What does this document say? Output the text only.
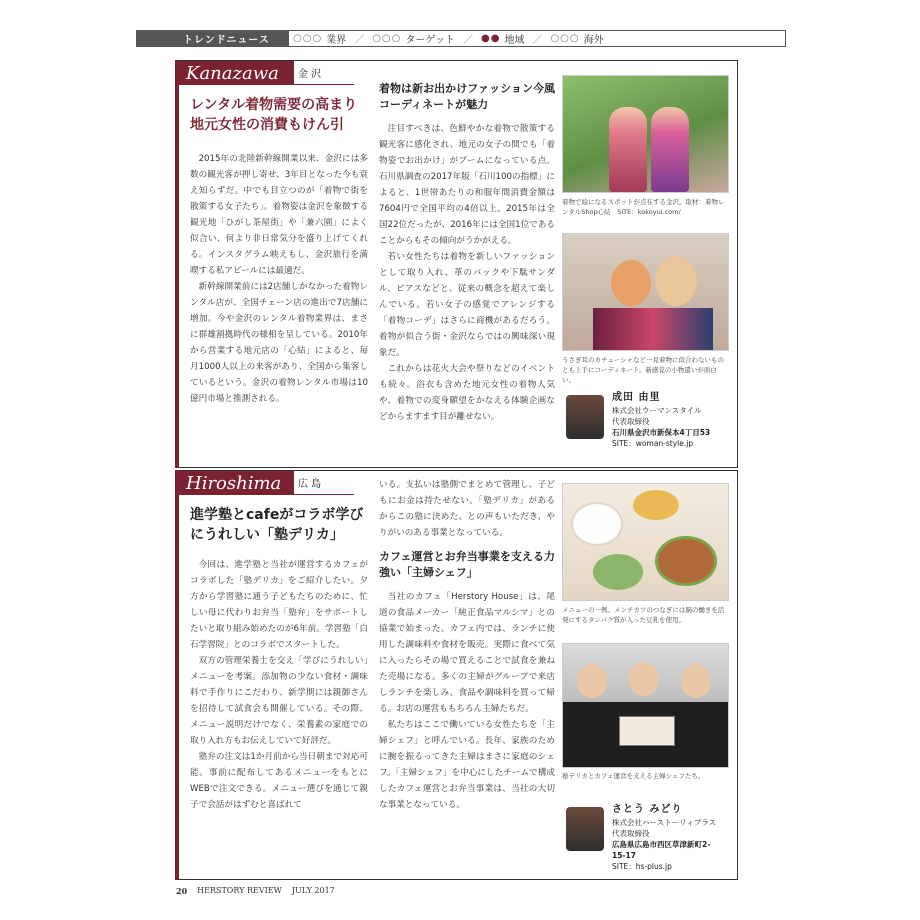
トレンドニュース	○○○ 業界 ／ ○○○ ターゲット ／ ●● 地域 ／ ○○○ 海外
Kanazawa	金 沢
レンタル着物需要の高まり地元女性の消費もけん引

2015年の北陸新幹線開業以来、金沢には多数の観光客が押し寄せ、3年目となった今も衰え知らずだ。中でも目立つのが「着物で街を散策する女子たち」。着物姿は金沢を象徴する観光地「ひがし茶屋街」や「兼六園」によく似合い、何より非日常気分を盛り上げてくれる。インスタグラム映えもし、金沢旅行を満喫する私アピールには最適だ。

新幹線開業前には2店舗しかなかった着物レンタル店が、全国チェーン店の進出で7店舗に増加。今や金沢のレンタル着物業界は、まさに群雄割拠時代の様相を呈している。2010年から営業する地元店の「心結」によると、毎月1000人以上の来客があり、全国から集客しているという。金沢の着物レンタル市場は10億円市場と推測される。

着物は新お出かけファッション今風コーディネートが魅力

注目すべきは、色鮮やかな着物で散策する観光客に感化され、地元の女子の間でも「着物姿でお出かけ」がブームになっている点。石川県調査の2017年版「石川100の指標」によると、1世帯あたりの和服年間消費金額は7604円で全国平均の4倍以上。2015年は全国22位だったが、2016年には全国1位であることからもその傾向がうかがえる。

若い女性たちは着物を新しいファッションとして取り入れ、革のバックや下駄サンダル、ピアスなどと、従来の概念を超えて楽しんでいる。若い女子の感覚でアレンジする「着物コーデ」はさらに商機があるだろう。着物が似合う街・金沢ならではの興味深い現象だ。

これからは花火大会や祭りなどのイベントも続々。浴衣も含めた地元女性の着物人気や、着物での変身願望をかなえる体験企画などからますます目が離せない。

着物で絵になるスポットが点在する金沢。取材：着物レンタルShop心結　SITE：kokoyui.com/
うさぎ耳のカチューシャなど一見着物に似合わないものとも上手にコーディネート。新感覚の小物遣いが面白い。
成田 由里
株式会社ウーマンスタイル
代表取締役
石川県金沢市新保本4丁目53
SITE：woman-style.jp
Hiroshima	広 島
進学塾とcafeがコラボ学びにうれしい「塾デリカ」

今回は、進学塾と当社が運営するカフェがコラボした「塾デリカ」をご紹介したい。夕方から学習塾に通う子どもたちのために、忙しい母に代わりお弁当「塾弁」をサポートしたいと取り組み始めたのが6年前。学習塾「白石学習院」とのコラボでスタートした。

双方の管理栄養士を交え「学びにうれしい」メニューを考案。添加物の少ない食材・調味料で手作りにこだわり、新学期には親御さんを招待して試食会も開催している。その際、メニュー説明だけでなく、栄養素の家庭での取り入れ方もお伝えしていて好評だ。

塾弁の注文は1か月前から当日朝まで対応可能。事前に配布してあるメニューをもとにWEBで注文できる。メニュー選びを通じて親子で会話がはずむと喜ばれて

いる。支払いは塾側でまとめて管理し、子どもにお金は持たせない。「塾デリカ」があるからこの塾に決めた、との声もいただき、やりがいのある事業となっている。

カフェ運営とお弁当事業を支える力強い「主婦シェフ」

当社のカフェ「Herstory House」は、尾道の食品メーカー「純正食品マルシマ」との協業で始まった。カフェ内では、ランチに使用した調味料や食材を販売。実際に食べて気に入ったらその場で買えることで試食を兼ねた売場になる。多くの主婦がグループで来店しランチを楽しみ、食品や調味料を買って帰る。お店の運営ももちろん主婦たちだ。

私たちはここで働いている女性たちを「主婦シェフ」と呼んでいる。長年、家族のために腕を振るってきた主婦はまさに家庭のシェフ。「主婦シェフ」を中心にしたチームで構成したカフェ運営とお弁当事業は、当社の大切な事業となっている。

メニューの一例。メンチカツのつなぎには脳の働きを活発にするタンパク質が入った豆乳を使用。
塾デリカとカフェ運営を支える主婦シェフたち。
さとう みどり
株式会社ハーストーリィプラス
代表取締役
広島県広島市西区草津新町2-15-17
SITE：hs-plus.jp
20 HERSTORY REVIEW JULY 2017
